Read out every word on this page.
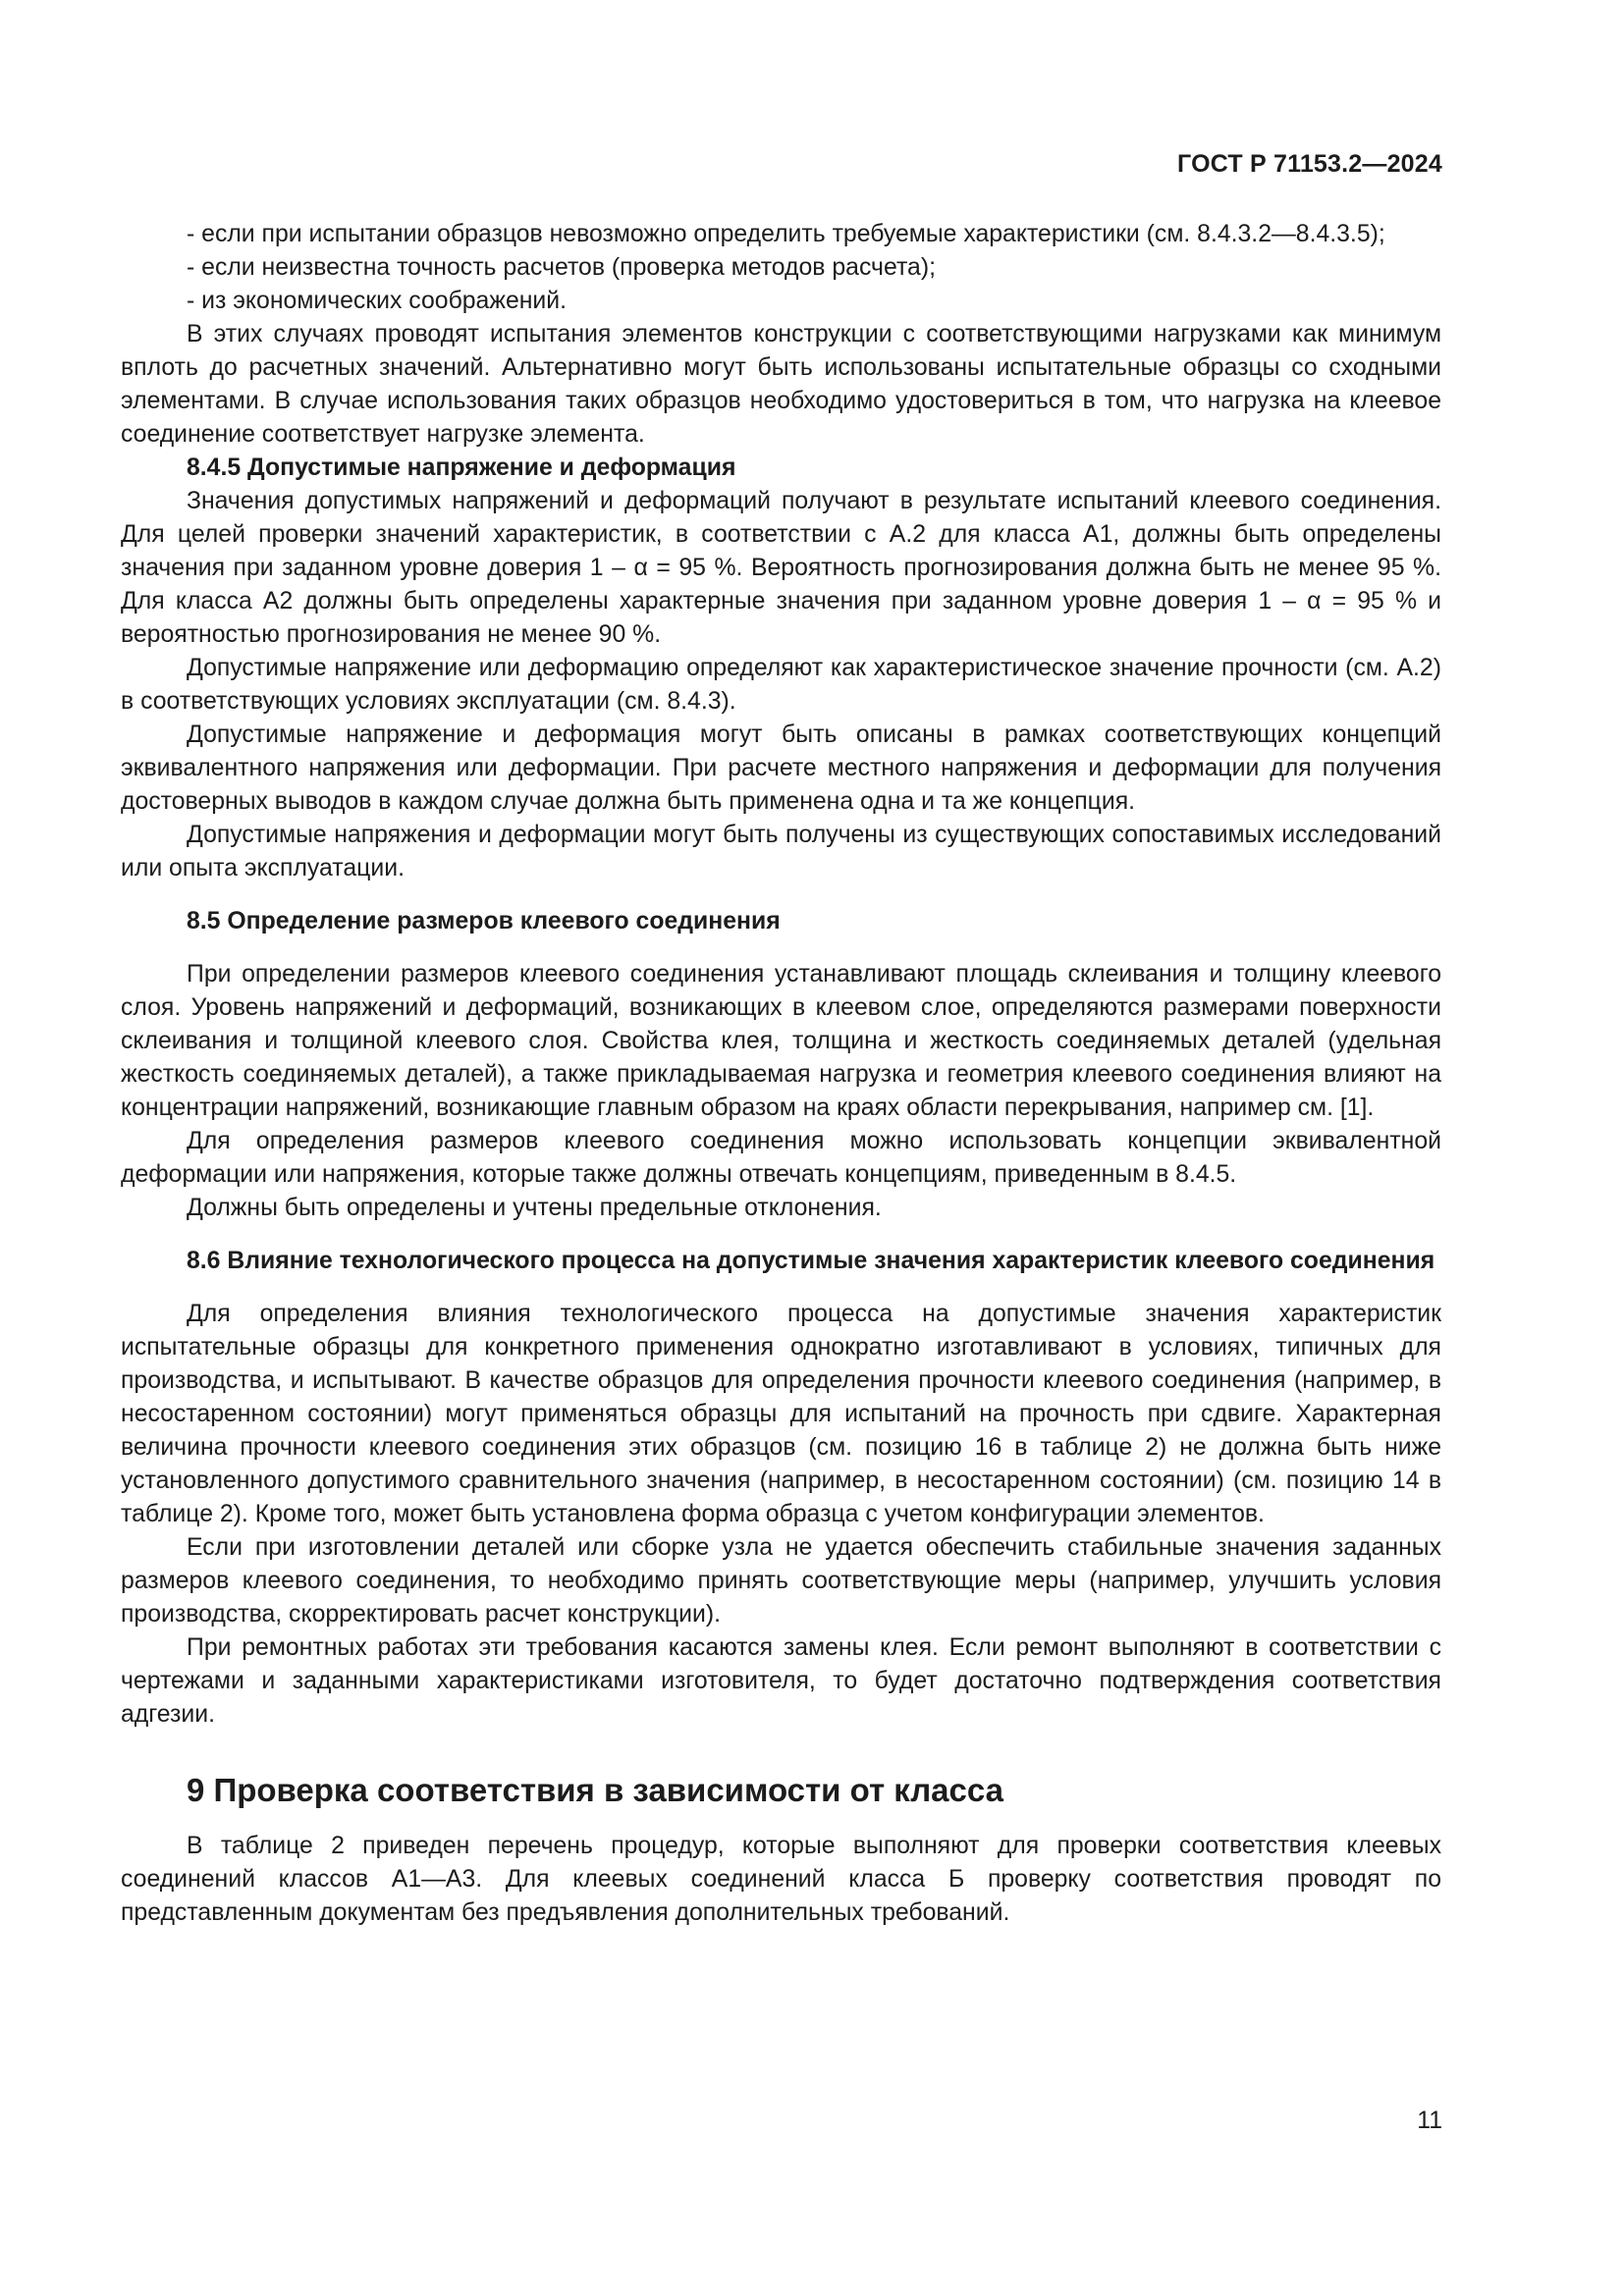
ГОСТ Р 71153.2—2024

- если при испытании образцов невозможно определить требуемые характеристики (см. 8.4.3.2—8.4.3.5);

- если неизвестна точность расчетов (проверка методов расчета);

- из экономических соображений.

В этих случаях проводят испытания элементов конструкции с соответствующими нагрузками как минимум вплоть до расчетных значений. Альтернативно могут быть использованы испытательные образцы со сходными элементами. В случае использования таких образцов необходимо удостовериться в том, что нагрузка на клеевое соединение соответствует нагрузке элемента.

8.4.5 Допустимые напряжение и деформация

Значения допустимых напряжений и деформаций получают в результате испытаний клеевого соединения. Для целей проверки значений характеристик, в соответствии с А.2 для класса А1, должны быть определены значения при заданном уровне доверия 1 – α = 95 %. Вероятность прогнозирования должна быть не менее 95 %. Для класса А2 должны быть определены характерные значения при заданном уровне доверия 1 – α = 95 % и вероятностью прогнозирования не менее 90 %.

Допустимые напряжение или деформацию определяют как характеристическое значение прочности (см. А.2) в соответствующих условиях эксплуатации (см. 8.4.3).

Допустимые напряжение и деформация могут быть описаны в рамках соответствующих концепций эквивалентного напряжения или деформации. При расчете местного напряжения и деформации для получения достоверных выводов в каждом случае должна быть применена одна и та же концепция.

Допустимые напряжения и деформации могут быть получены из существующих сопоставимых исследований или опыта эксплуатации.

8.5 Определение размеров клеевого соединения

При определении размеров клеевого соединения устанавливают площадь склеивания и толщину клеевого слоя. Уровень напряжений и деформаций, возникающих в клеевом слое, определяются размерами поверхности склеивания и толщиной клеевого слоя. Свойства клея, толщина и жесткость соединяемых деталей (удельная жесткость соединяемых деталей), а также прикладываемая нагрузка и геометрия клеевого соединения влияют на концентрации напряжений, возникающие главным образом на краях области перекрывания, например см. [1].

Для определения размеров клеевого соединения можно использовать концепции эквивалентной деформации или напряжения, которые также должны отвечать концепциям, приведенным в 8.4.5.

Должны быть определены и учтены предельные отклонения.

8.6 Влияние технологического процесса на допустимые значения характеристик клеевого соединения

Для определения влияния технологического процесса на допустимые значения характеристик испытательные образцы для конкретного применения однократно изготавливают в условиях, типичных для производства, и испытывают. В качестве образцов для определения прочности клеевого соединения (например, в несостаренном состоянии) могут применяться образцы для испытаний на прочность при сдвиге. Характерная величина прочности клеевого соединения этих образцов (см. позицию 16 в таблице 2) не должна быть ниже установленного допустимого сравнительного значения (например, в несостаренном состоянии) (см. позицию 14 в таблице 2). Кроме того, может быть установлена форма образца с учетом конфигурации элементов.

Если при изготовлении деталей или сборке узла не удается обеспечить стабильные значения заданных размеров клеевого соединения, то необходимо принять соответствующие меры (например, улучшить условия производства, скорректировать расчет конструкции).

При ремонтных работах эти требования касаются замены клея. Если ремонт выполняют в соответствии с чертежами и заданными характеристиками изготовителя, то будет достаточно подтверждения соответствия адгезии.

9 Проверка соответствия в зависимости от класса

В таблице 2 приведен перечень процедур, которые выполняют для проверки соответствия клеевых соединений классов А1—А3. Для клеевых соединений класса Б проверку соответствия проводят по представленным документам без предъявления дополнительных требований.

11
